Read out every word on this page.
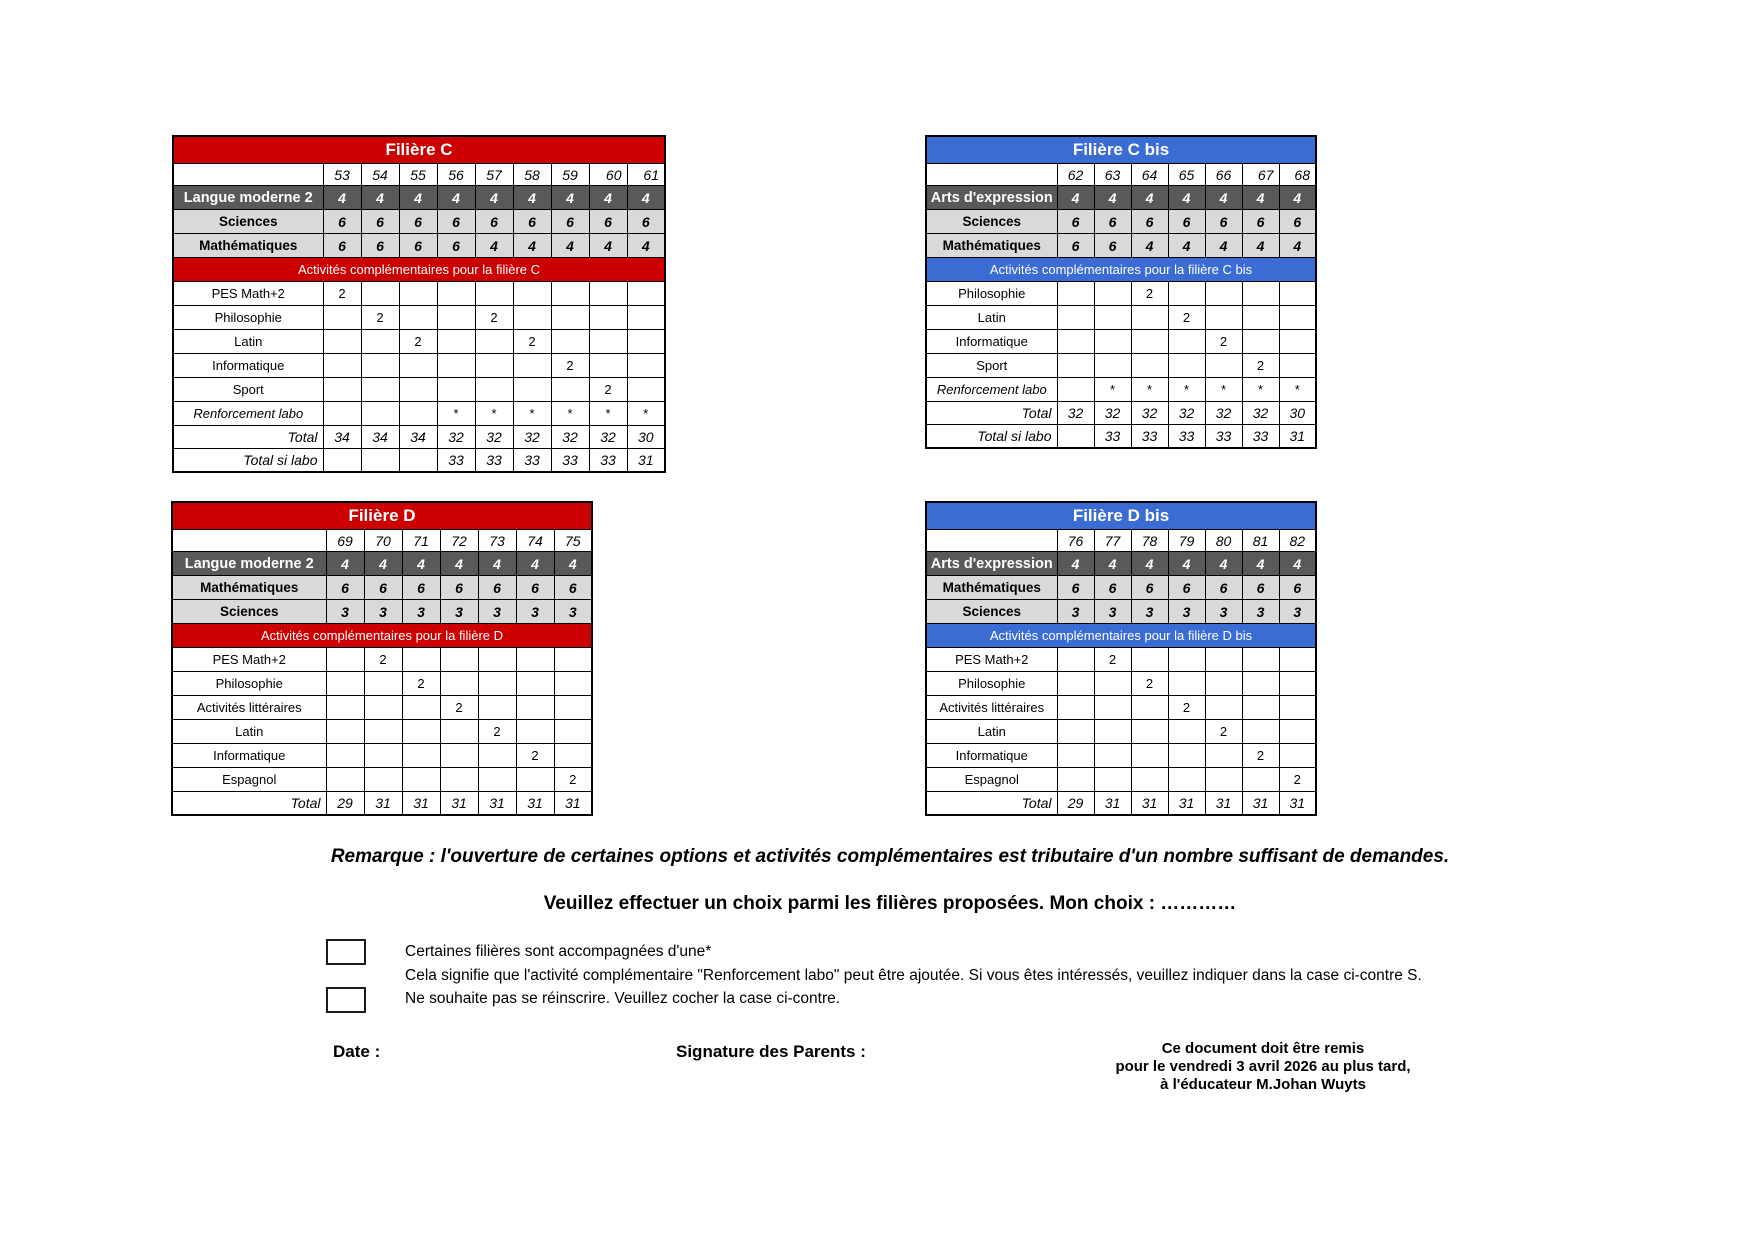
Filière C									
	53	54	55	56	57	58	59	60	61
Langue moderne 2	4	4	4	4	4	4	4	4	4
Sciences	6	6	6	6	6	6	6	6	6
Mathématiques	6	6	6	6	4	4	4	4	4
Activités complémentaires pour la filière C									
PES Math+2	2								
Philosophie		2			2				
Latin			2			2			
Informatique							2		
Sport								2	
Renforcement labo				*	*	*	*	*	*
Total	34	34	34	32	32	32	32	32	30
Total si labo				33	33	33	33	33	31
Filière C bis							
	62	63	64	65	66	67	68
Arts d'expression	4	4	4	4	4	4	4
Sciences	6	6	6	6	6	6	6
Mathématiques	6	6	4	4	4	4	4
Activités complémentaires pour la filière C bis							
Philosophie			2				
Latin				2			
Informatique					2		
Sport						2	
Renforcement labo		*	*	*	*	*	*
Total	32	32	32	32	32	32	30
Total si labo		33	33	33	33	33	31
Filière D							
	69	70	71	72	73	74	75
Langue moderne 2	4	4	4	4	4	4	4
Mathématiques	6	6	6	6	6	6	6
Sciences	3	3	3	3	3	3	3
Activités complémentaires pour la filière D							
PES Math+2		2					
Philosophie			2				
Activités littéraires				2			
Latin					2		
Informatique						2	
Espagnol							2
Total	29	31	31	31	31	31	31
Filière D bis							
	76	77	78	79	80	81	82
Arts d'expression	4	4	4	4	4	4	4
Mathématiques	6	6	6	6	6	6	6
Sciences	3	3	3	3	3	3	3
Activités complémentaires pour la filière D bis							
PES Math+2		2					
Philosophie			2				
Activités littéraires				2			
Latin					2		
Informatique						2	
Espagnol							2
Total	29	31	31	31	31	31	31
Remarque : l'ouverture de certaines options et activités complémentaires est tributaire d'un nombre suffisant de demandes.
Veuillez effectuer un choix parmi les filières proposées. Mon choix : …………
Certaines filières sont accompagnées d'une*
Cela signifie que l'activité complémentaire "Renforcement labo" peut être ajoutée. Si vous êtes intéressés, veuillez indiquer dans la case ci-contre S.
Ne souhaite pas se réinscrire. Veuillez cocher la case ci-contre.
Date :	Signature des Parents :	Ce document doit être remis
pour le vendredi 3 avril 2026 au plus tard,
à l'éducateur M.Johan Wuyts
